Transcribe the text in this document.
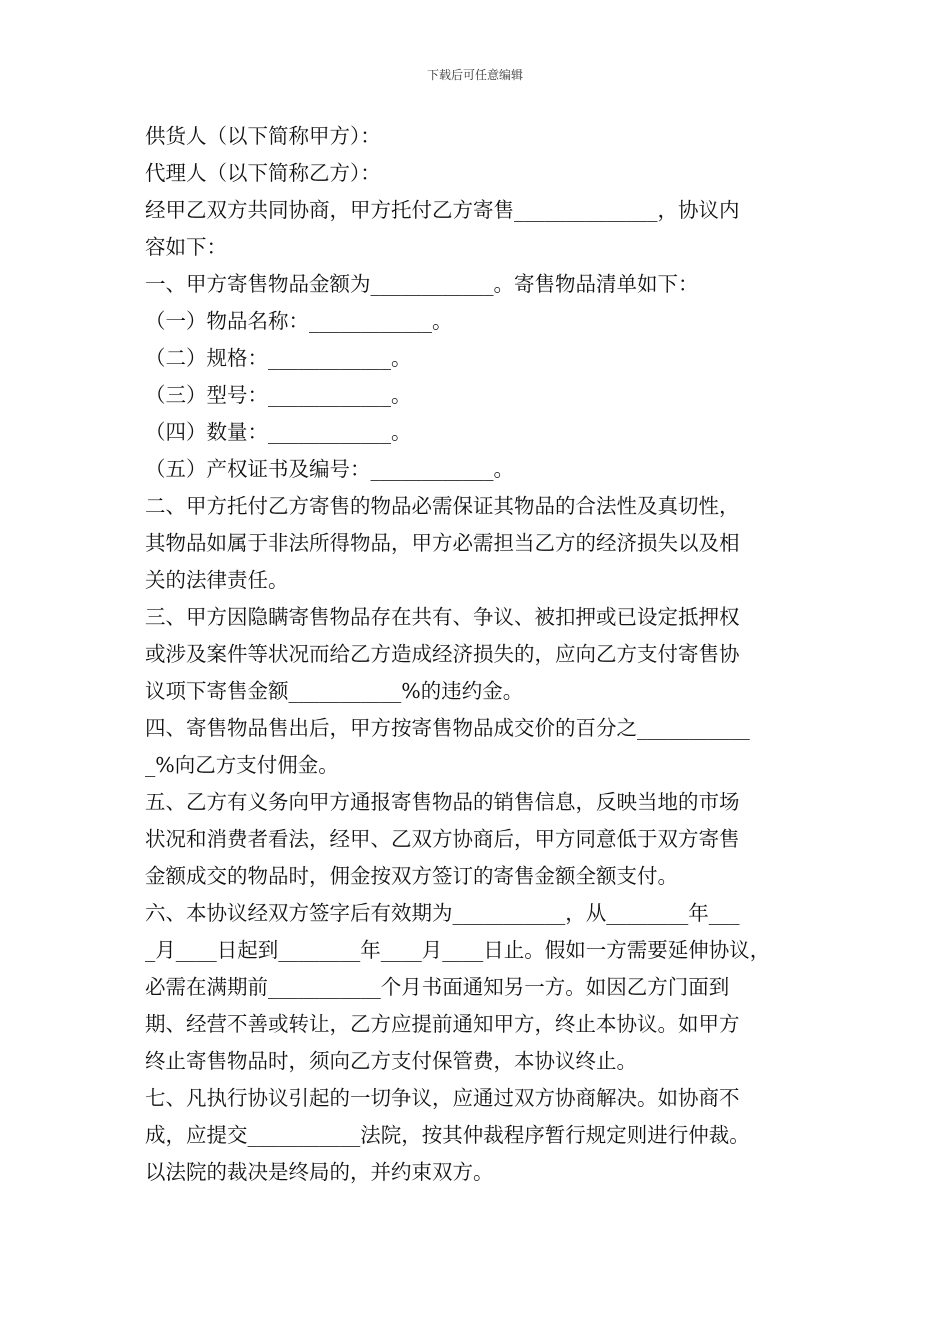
下载后可任意编辑
供货人（以下简称甲方）：
代理人（以下简称乙方）：
经甲乙双方共同协商，甲方托付乙方寄售______________，协议内
容如下：
一、甲方寄售物品金额为____________。寄售物品清单如下：
（一）物品名称：____________。
（二）规格：____________。
（三）型号：____________。
（四）数量：____________。
（五）产权证书及编号：____________。
二、甲方托付乙方寄售的物品必需保证其物品的合法性及真切性，
其物品如属于非法所得物品，甲方必需担当乙方的经济损失以及相
关的法律责任。
三、甲方因隐瞒寄售物品存在共有、争议、被扣押或已设定抵押权
或涉及案件等状况而给乙方造成经济损失的，应向乙方支付寄售协
议项下寄售金额___________%的违约金。
四、寄售物品售出后，甲方按寄售物品成交价的百分之___________
_%向乙方支付佣金。
五、乙方有义务向甲方通报寄售物品的销售信息，反映当地的市场
状况和消费者看法，经甲、乙双方协商后，甲方同意低于双方寄售
金额成交的物品时，佣金按双方签订的寄售金额全额支付。
六、本协议经双方签字后有效期为___________，从________年___
_月____日起到________年____月____日止。假如一方需要延伸协议，
必需在满期前___________个月书面通知另一方。如因乙方门面到
期、经营不善或转让，乙方应提前通知甲方，终止本协议。如甲方
终止寄售物品时，须向乙方支付保管费，本协议终止。
七、凡执行协议引起的一切争议，应通过双方协商解决。如协商不
成，应提交___________法院，按其仲裁程序暂行规定则进行仲裁。
以法院的裁决是终局的，并约束双方。
